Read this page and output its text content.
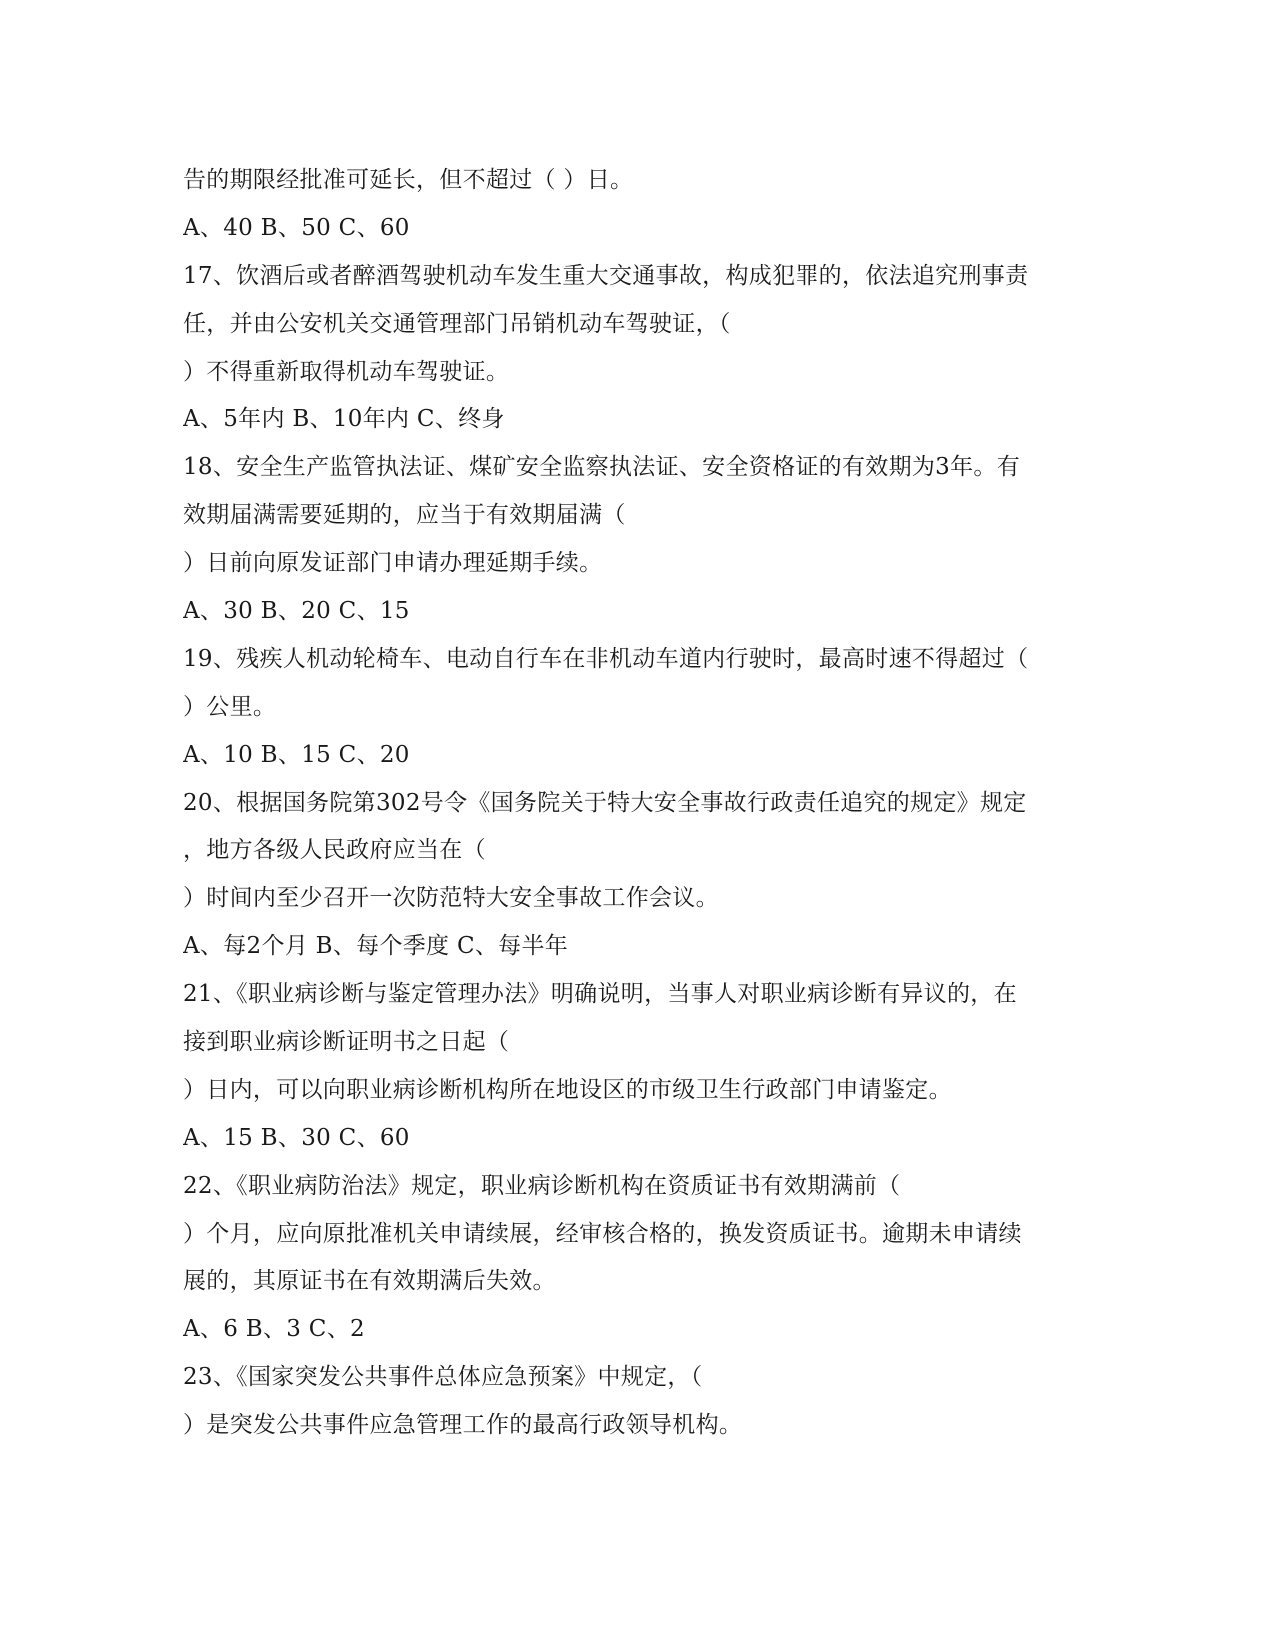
告的期限经批准可延长，但不超过（ ）日。
A、40 B、50 C、60
17、饮酒后或者醉酒驾驶机动车发生重大交通事故，构成犯罪的，依法追究刑事责
任，并由公安机关交通管理部门吊销机动车驾驶证，（
）不得重新取得机动车驾驶证。
A、5年内 B、10年内 C、终身
18、安全生产监管执法证、煤矿安全监察执法证、安全资格证的有效期为3年。有
效期届满需要延期的，应当于有效期届满（
）日前向原发证部门申请办理延期手续。
A、30 B、20 C、15
19、残疾人机动轮椅车、电动自行车在非机动车道内行驶时，最高时速不得超过（
）公里。
A、10 B、15 C、20
20、根据国务院第302号令《国务院关于特大安全事故行政责任追究的规定》规定
，地方各级人民政府应当在（
）时间内至少召开一次防范特大安全事故工作会议。
A、每2个月 B、每个季度 C、每半年
21、《职业病诊断与鉴定管理办法》明确说明，当事人对职业病诊断有异议的，在
接到职业病诊断证明书之日起（
）日内，可以向职业病诊断机构所在地设区的市级卫生行政部门申请鉴定。
A、15 B、30 C、60
22、《职业病防治法》规定，职业病诊断机构在资质证书有效期满前（
）个月，应向原批准机关申请续展，经审核合格的，换发资质证书。逾期未申请续
展的，其原证书在有效期满后失效。
A、6 B、3 C、2
23、《国家突发公共事件总体应急预案》中规定，（
）是突发公共事件应急管理工作的最高行政领导机构。
